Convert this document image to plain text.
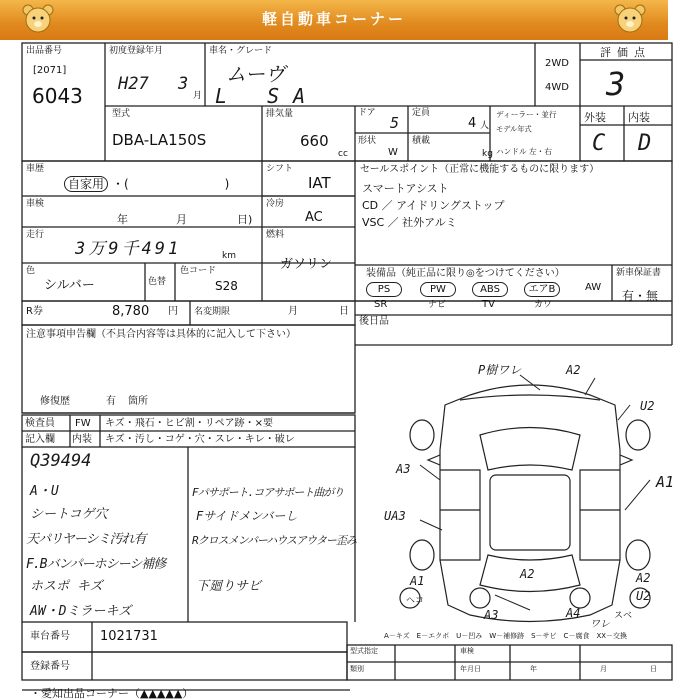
軽自動車コーナー
出品番号
[2071]
6043
初度登録年月
H27 3
月
車名・グレード
ムーヴ
L SA
2WD
4WD
評価点
3
型式
DBA-LA150S
排気量
660
cc
ドア
5
定員
4 人
形状
W
積載
kg
ディーラー・並行
モデル年式
ハンドル 左・右
外装 内装
C D
車歴
自家用 ・(　　　　　　　　)
シフト
IAT
セールスポイント（正常に機能するものに限ります）
スマートアシスト
CD ／ アイドリングストップ
VSC ／ 社外アルミ
車検
年	月	日)
冷房
AC
走行
3万9千491	km
燃料
ガソリン
色
シルバー	色替
色コード
S28
装備品（純正品に限り◎をつけてください）
PS	PW	ABS	エアB	AW
SR	ナビ	TV	カワ
新車保証書
有・無
R券	8,780 円 名変期限	月	日
後日品
注意事項申告欄（不具合内容等は具体的に記入して下さい）
修復歴	有 箇所
検査員
記入欄
FW キズ・飛石・ヒビ割・リペア跡・×要
内装 キズ・汚し・コゲ・穴・スレ・キレ・破レ
Q39494
A・U
シートコゲ穴
天パリヤーシミ汚れ有
F.Bバンパーホシーシ補修
ホスポ キズ
AW・Dミラーキズ
Fパサポート.コアサポート曲がり
Fサイドメンバーし
Rクロスメンバーハウスアウター歪み
下廻りサビ
P樹ワレ	A2
U2
A1
A3
UA3
A1	A2	A2
U2
A3	A4
ワレ
ヘコ
スベ
A－キズ　E－エクボ　U－凹み　W－補修跡　S－サビ　C－腐食　XX－交換
車台番号 1021731
登録番号
型式指定
類別
車検
年月日	年	月	日
・愛知出品コーナー（▲▲▲▲▲）
